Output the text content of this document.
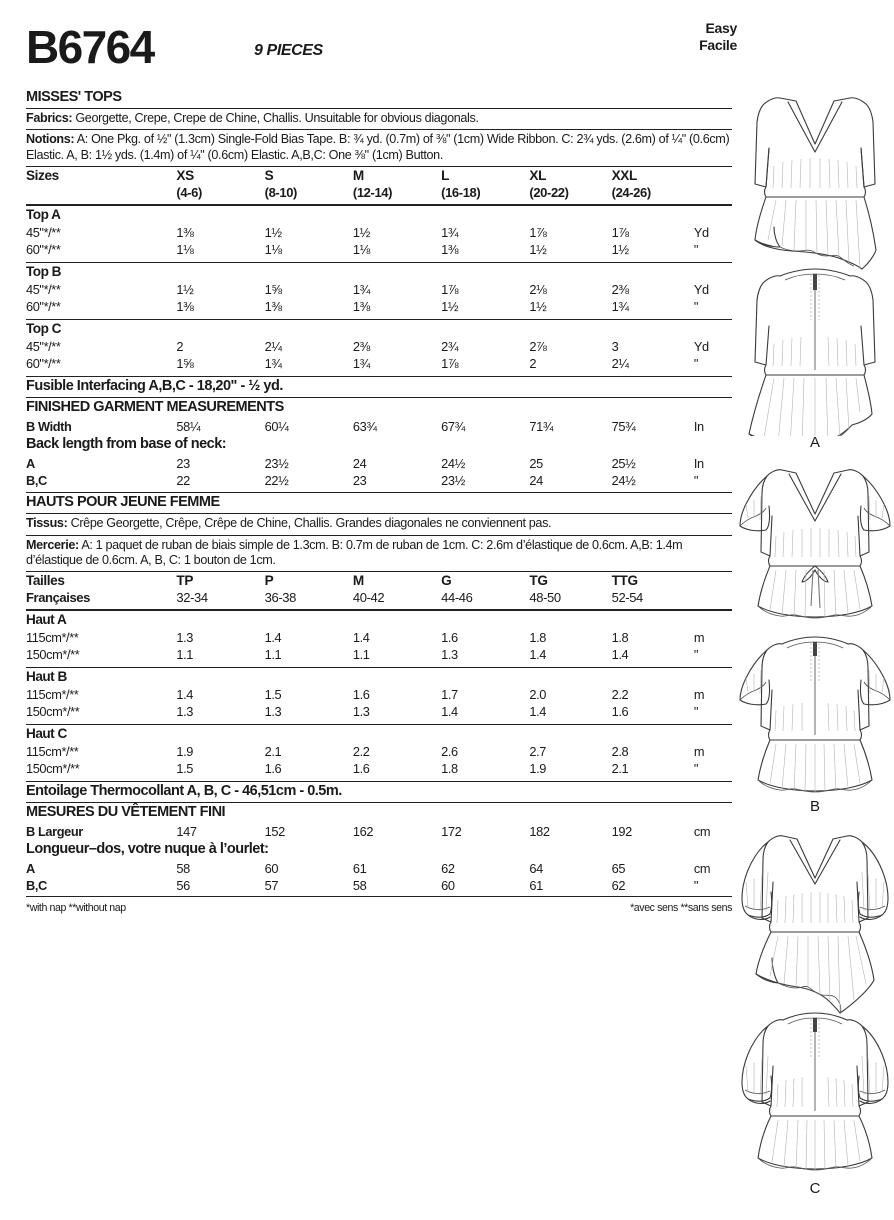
B6764	9 PIECES
Easy
Facile
MISSES' TOPS
Fabrics: Georgette, Crepe, Crepe de Chine, Challis. Unsuitable for obvious diagonals.
Notions: A: One Pkg. of ½" (1.3cm) Single-Fold Bias Tape. B: ¾ yd. (0.7m) of ⅜" (1cm) Wide Ribbon. C: 2¾ yds. (2.6m) of ¼" (0.6cm) Elastic. A, B: 1½ yds. (1.4m) of ¼" (0.6cm) Elastic. A,B,C: One ⅜" (1cm) Button.
Sizes	XS	S	M	L	XL	XXL	
	(4-6)	(8-10)	(12-14)	(16-18)	(20-22)	(24-26)	
Top A
45"*/**	1⅜	1½	1½	1¾	1⅞	1⅞	Yd
60"*/**	1⅛	1⅛	1⅛	1⅜	1½	1½	"
Top B
45"*/**	1½	1⅝	1¾	1⅞	2⅛	2⅜	Yd
60"*/**	1⅜	1⅜	1⅜	1½	1½	1¾	"
Top C
45"*/**	2	2¼	2⅜	2¾	2⅞	3	Yd
60"*/**	1⅝	1¾	1¾	1⅞	2	2¼	"
Fusible Interfacing A,B,C - 18,20" - ½ yd.
FINISHED GARMENT MEASUREMENTS
B Width	58¼	60¼	63¾	67¾	71¾	75¾	In
Back length from base of neck:
A	23	23½	24	24½	25	25½	In
B,C	22	22½	23	23½	24	24½	"
HAUTS POUR JEUNE FEMME
Tissus: Crêpe Georgette, Crêpe, Crêpe de Chine, Challis. Grandes diagonales ne conviennent pas.
Mercerie: A: 1 paquet de ruban de biais simple de 1.3cm. B: 0.7m de ruban de 1cm. C: 2.6m d’élastique de 0.6cm. A,B: 1.4m d’élastique de 0.6cm. A, B, C: 1 bouton de 1cm.
Tailles	TP	P	M	G	TG	TTG	
Françaises	32-34	36-38	40-42	44-46	48-50	52-54	
Haut A
115cm*/**	1.3	1.4	1.4	1.6	1.8	1.8	m
150cm*/**	1.1	1.1	1.1	1.3	1.4	1.4	"
Haut B
115cm*/**	1.4	1.5	1.6	1.7	2.0	2.2	m
150cm*/**	1.3	1.3	1.3	1.4	1.4	1.6	"
Haut C
115cm*/**	1.9	2.1	2.2	2.6	2.7	2.8	m
150cm*/**	1.5	1.6	1.6	1.8	1.9	2.1	"
Entoilage Thermocollant A, B, C - 46,51cm - 0.5m.
MESURES DU VÊTEMENT FINI
B Largeur	147	152	162	172	182	192	cm
Longueur–dos, votre nuque à l’ourlet:
A	58	60	61	62	64	65	cm
B,C	56	57	58	60	61	62	"
*with nap **without nap	*avec sens **sans sens
A
B
C
